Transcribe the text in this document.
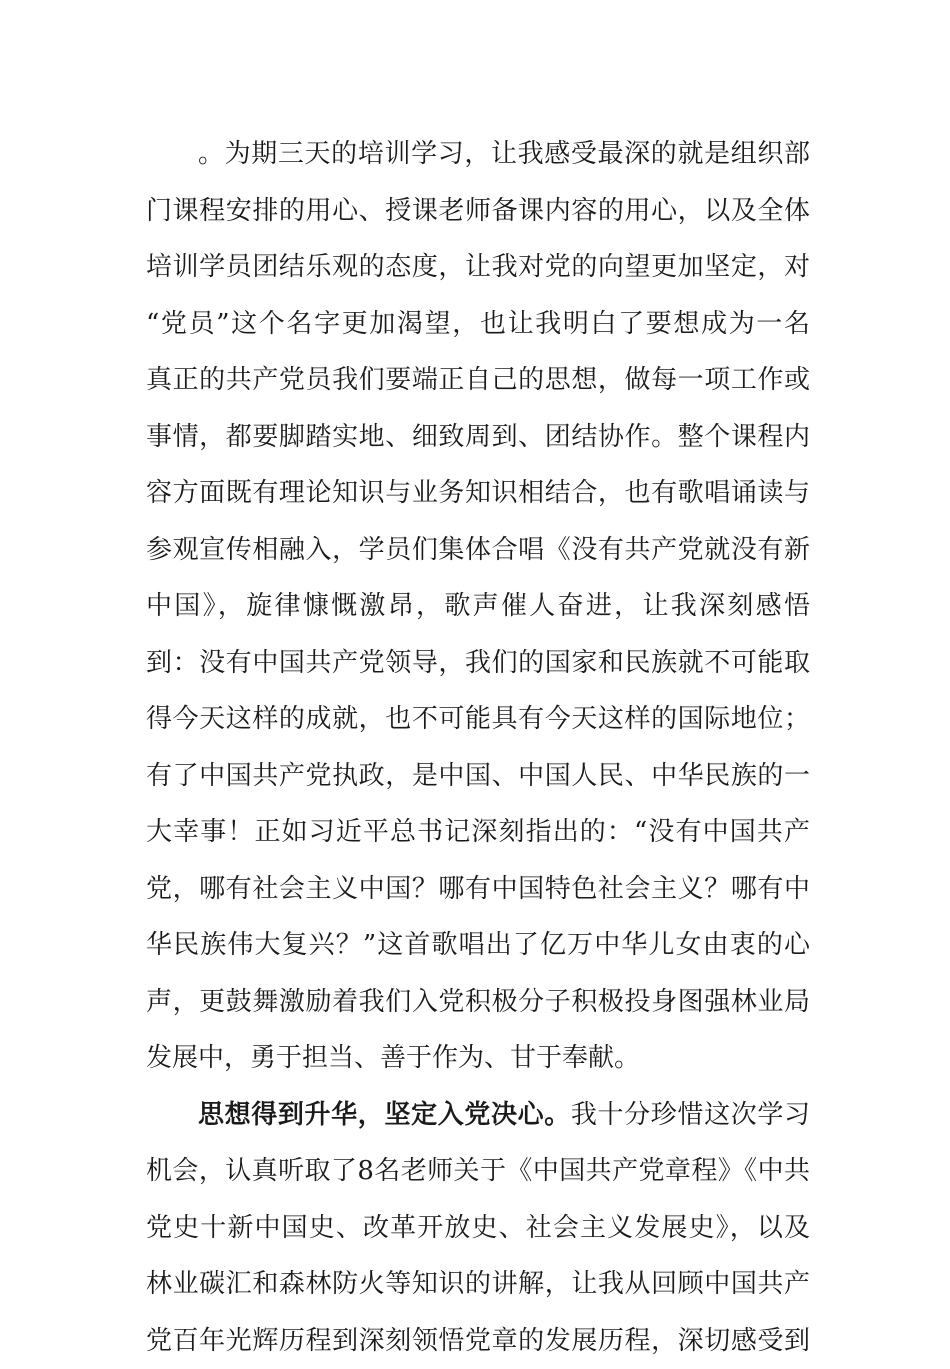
。为期三天的培训学习，让我感受最深的就是组织部
门课程安排的用心、授课老师备课内容的用心，以及全体
培训学员团结乐观的态度，让我对党的向望更加坚定，对
“党员”这个名字更加渴望，也让我明白了要想成为一名
真正的共产党员我们要端正自己的思想，做每一项工作或
事情，都要脚踏实地、细致周到、团结协作。整个课程内
容方面既有理论知识与业务知识相结合，也有歌唱诵读与
参观宣传相融入，学员们集体合唱《没有共产党就没有新
中国》，旋律慷慨激昂，歌声催人奋进，让我深刻感悟
到：没有中国共产党领导，我们的国家和民族就不可能取
得今天这样的成就，也不可能具有今天这样的国际地位；
有了中国共产党执政，是中国、中国人民、中华民族的一
大幸事！正如习近平总书记深刻指出的：“没有中国共产
党，哪有社会主义中国？哪有中国特色社会主义？哪有中
华民族伟大复兴？”这首歌唱出了亿万中华儿女由衷的心
声，更鼓舞激励着我们入党积极分子积极投身图强林业局
发展中，勇于担当、善于作为、甘于奉献。
思想得到升华，坚定入党决心。我十分珍惜这次学习
机会，认真听取了8名老师关于《中国共产党章程》《中共
党史十新中国史、改革开放史、社会主义发展史》，以及
林业碳汇和森林防火等知识的讲解，让我从回顾中国共产
党百年光辉历程到深刻领悟党章的发展历程，深切感受到
